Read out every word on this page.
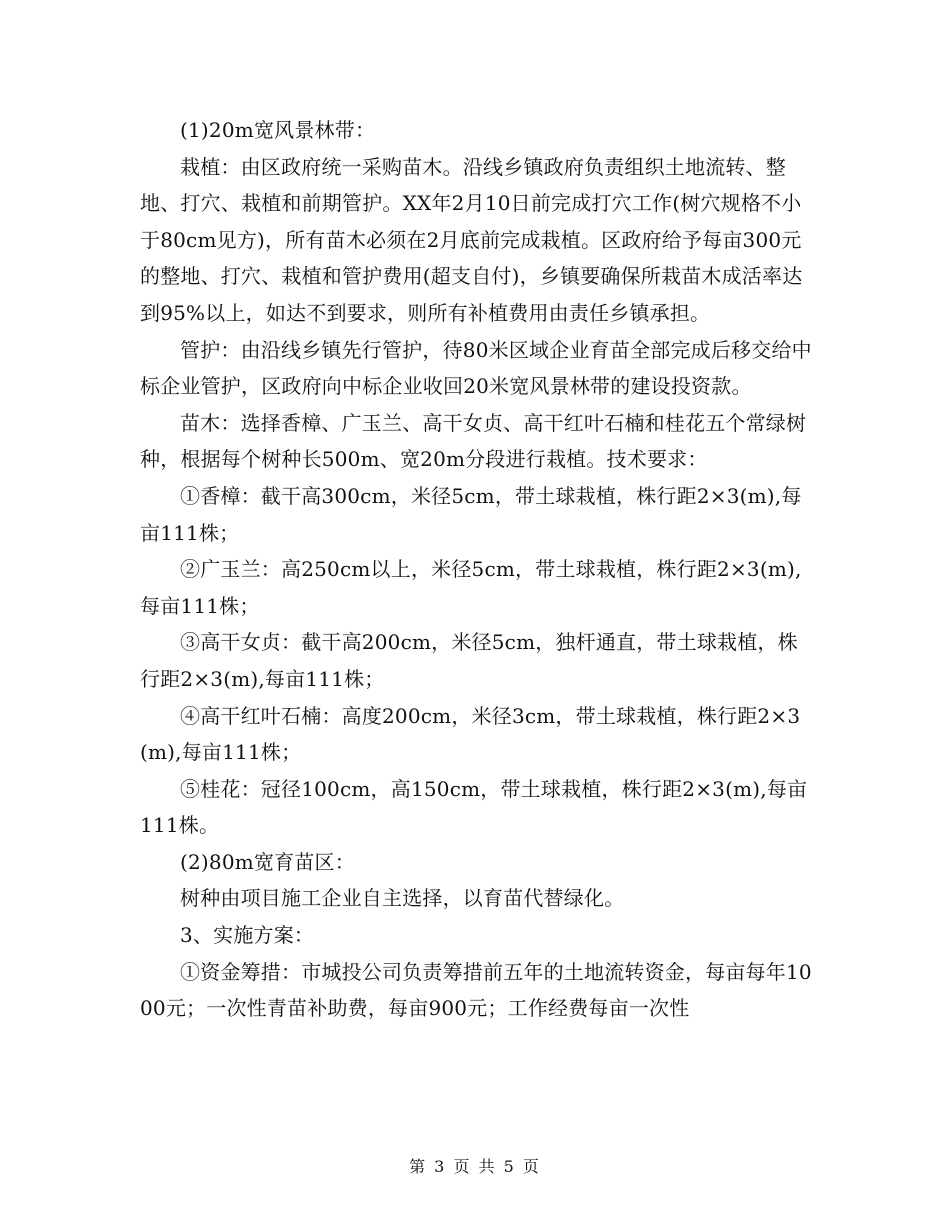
(1)20m宽风景林带：

栽植：由区政府统一采购苗木。沿线乡镇政府负责组织土地流转、整地、打穴、栽植和前期管护。XX年2月10日前完成打穴工作(树穴规格不小于80cm见方)，所有苗木必须在2月底前完成栽植。区政府给予每亩300元的整地、打穴、栽植和管护费用(超支自付)，乡镇要确保所栽苗木成活率达到95%以上，如达不到要求，则所有补植费用由责任乡镇承担。

管护：由沿线乡镇先行管护，待80米区域企业育苗全部完成后移交给中标企业管护，区政府向中标企业收回20米宽风景林带的建设投资款。

苗木：选择香樟、广玉兰、高干女贞、高干红叶石楠和桂花五个常绿树种，根据每个树种长500m、宽20m分段进行栽植。技术要求：

①香樟：截干高300cm，米径5cm，带土球栽植，株行距2×3(m),每亩111株；

②广玉兰：高250cm以上，米径5cm，带土球栽植，株行距2×3(m),每亩111株；

③高干女贞：截干高200cm，米径5cm，独杆通直，带土球栽植，株行距2×3(m),每亩111株；

④高干红叶石楠：高度200cm，米径3cm，带土球栽植，株行距2×3(m),每亩111株；

⑤桂花：冠径100cm，高150cm，带土球栽植，株行距2×3(m),每亩111株。

(2)80m宽育苗区：

树种由项目施工企业自主选择，以育苗代替绿化。

3、实施方案：

①资金筹措：市城投公司负责筹措前五年的土地流转资金，每亩每年1000元；一次性青苗补助费，每亩900元；工作经费每亩一次性

第 3 页 共 5 页
